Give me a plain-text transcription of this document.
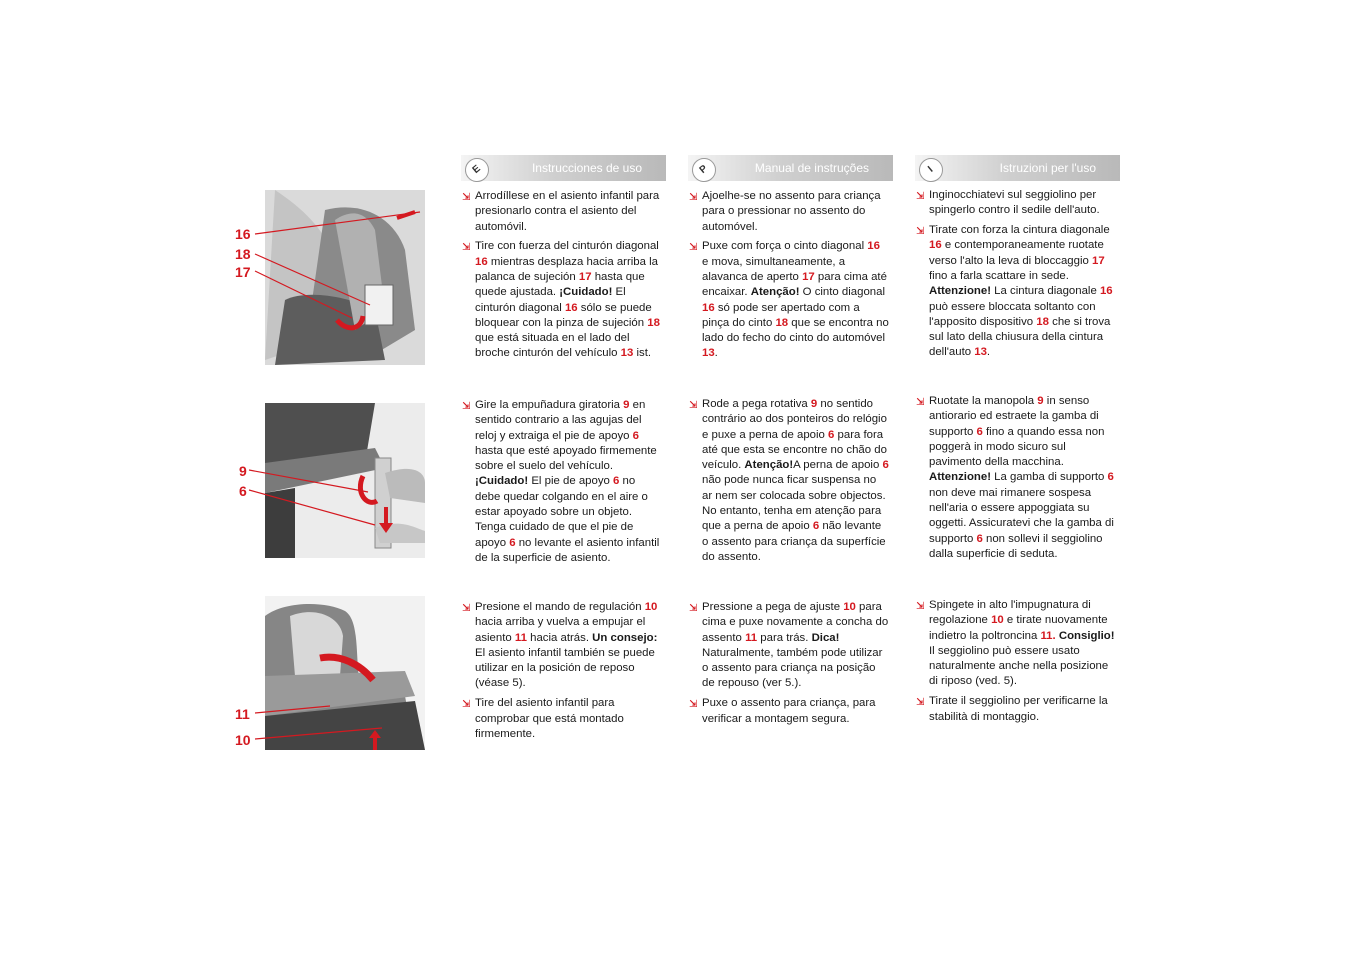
16
18
17
9
6
11
10
E	Instrucciones de uso	P	Manual de instruções	I	Istruzioni per l'uso

⇲ Arrodíllese en el asiento infantil para presionarlo contra el asiento del automóvil.

⇲ Tire con fuerza del cinturón diagonal 16 mientras desplaza hacia arriba la palanca de sujeción 17 hasta que quede ajustada. ¡Cuidado! El cinturón diagonal 16 sólo se puede bloquear con la pinza de sujeción 18 que está situada en el lado del broche cinturón del vehículo 13 ist.

⇲ Gire la empuñadura giratoria 9 en sentido contrario a las agujas del reloj y extraiga el pie de apoyo 6 hasta que esté apoyado firmemente sobre el suelo del vehículo. ¡Cuidado! El pie de apoyo 6 no debe quedar colgando en el aire o estar apoyado sobre un objeto. Tenga cuidado de que el pie de apoyo 6 no levante el asiento infantil de la superficie de asiento.

⇲ Presione el mando de regulación 10 hacia arriba y vuelva a empujar el asiento 11 hacia atrás. Un consejo: El asiento infantil también se puede utilizar en la posición de reposo (véase 5).

⇲ Tire del asiento infantil para comprobar que está montado firmemente.

⇲ Ajoelhe-se no assento para criança para o pressionar no assento do automóvel.

⇲ Puxe com força o cinto diagonal 16 e mova, simultaneamente, a alavanca de aperto 17 para cima até encaixar. Atenção! O cinto diagonal 16 só pode ser apertado com a pinça do cinto 18 que se encontra no lado do fecho do cinto do automóvel 13.

⇲ Rode a pega rotativa 9 no sentido contrário ao dos ponteiros do relógio e puxe a perna de apoio 6 para fora até que esta se encontre no chão do veículo. Atenção!A perna de apoio 6 não pode nunca ficar suspensa no ar nem ser colocada sobre objectos. No entanto, tenha em atenção para que a perna de apoio 6 não levante o assento para criança da superfície do assento.

⇲ Pressione a pega de ajuste 10 para cima e puxe novamente a concha do assento 11 para trás. Dica! Naturalmente, também pode utilizar o assento para criança na posição de repouso (ver 5.).

⇲ Puxe o assento para criança, para verificar a montagem segura.

⇲ Inginocchiatevi sul seggiolino per spingerlo contro il sedile dell'auto.

⇲ Tirate con forza la cintura diagonale 16 e contemporaneamente ruotate verso l'alto la leva di bloccaggio 17 fino a farla scattare in sede. Attenzione! La cintura diagonale 16 può essere bloccata soltanto con l'apposito dispositivo 18 che si trova sul lato della chiusura della cintura dell'auto 13.

⇲ Ruotate la manopola 9 in senso antiorario ed estraete la gamba di supporto 6 fino a quando essa non poggerà in modo sicuro sul pavimento della macchina. Attenzione! La gamba di supporto 6 non deve mai rimanere sospesa nell'aria o essere appoggiata su oggetti. Assicuratevi che la gamba di supporto 6 non sollevi il seggiolino dalla superficie di seduta.

⇲ Spingete in alto l'impugnatura di regolazione 10 e tirate nuovamente indietro la poltroncina 11. Consiglio! Il seggiolino può essere usato naturalmente anche nella posizione di riposo (ved. 5).

⇲ Tirate il seggiolino per verificarne la stabilità di montaggio.
